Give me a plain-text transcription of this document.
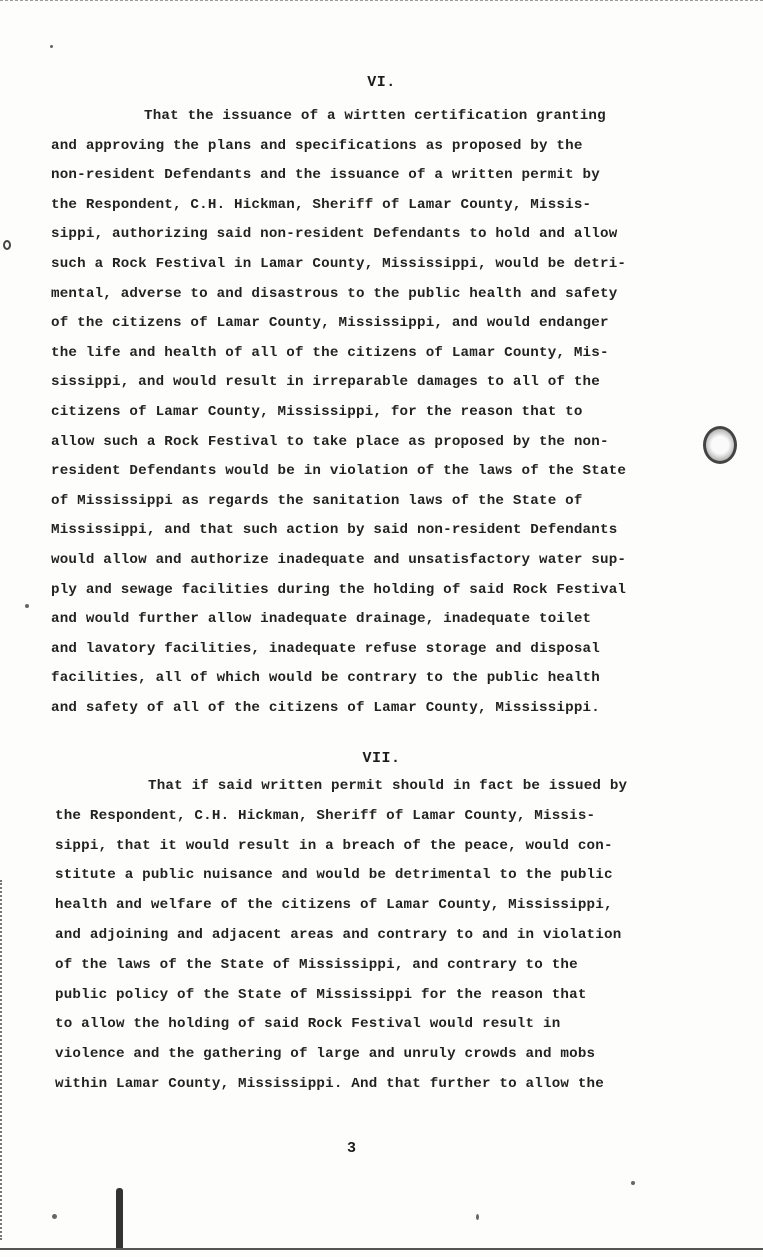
VI.
That the issuance of a wirtten certification granting
and approving the plans and specifications as proposed by the
non-resident Defendants and the issuance of a written permit by
the Respondent, C.H. Hickman, Sheriff of Lamar County, Missis-
sippi, authorizing said non-resident Defendants to hold and allow
such a Rock Festival in Lamar County, Mississippi, would be detri-
mental, adverse to and disastrous to the public health and safety
of the citizens of Lamar County, Mississippi, and would endanger
the life and health of all of the citizens of Lamar County, Mis-
sissippi, and would result in irreparable damages to all of the
citizens of Lamar County, Mississippi, for the reason that to
allow such a Rock Festival to take place as proposed by the non-
resident Defendants would be in violation of the laws of the State
of Mississippi as regards the sanitation laws of the State of
Mississippi, and that such action by said non-resident Defendants
would allow and authorize inadequate and unsatisfactory water sup-
ply and sewage facilities during the holding of said Rock Festival
and would further allow inadequate drainage, inadequate toilet
and lavatory facilities, inadequate refuse storage and disposal
facilities, all of which would be contrary to the public health
and safety of all of the citizens of Lamar County, Mississippi.
VII.
That if said written permit should in fact be issued by
the Respondent, C.H. Hickman, Sheriff of Lamar County, Missis-
sippi, that it would result in a breach of the peace, would con-
stitute a public nuisance and would be detrimental to the public
health and welfare of the citizens of Lamar County, Mississippi,
and adjoining and adjacent areas and contrary to and in violation
of the laws of the State of Mississippi, and contrary to the
public policy of the State of Mississippi for the reason that
to allow the holding of said Rock Festival would result in
violence and the gathering of large and unruly crowds and mobs
within Lamar County, Mississippi. And that further to allow the
3
